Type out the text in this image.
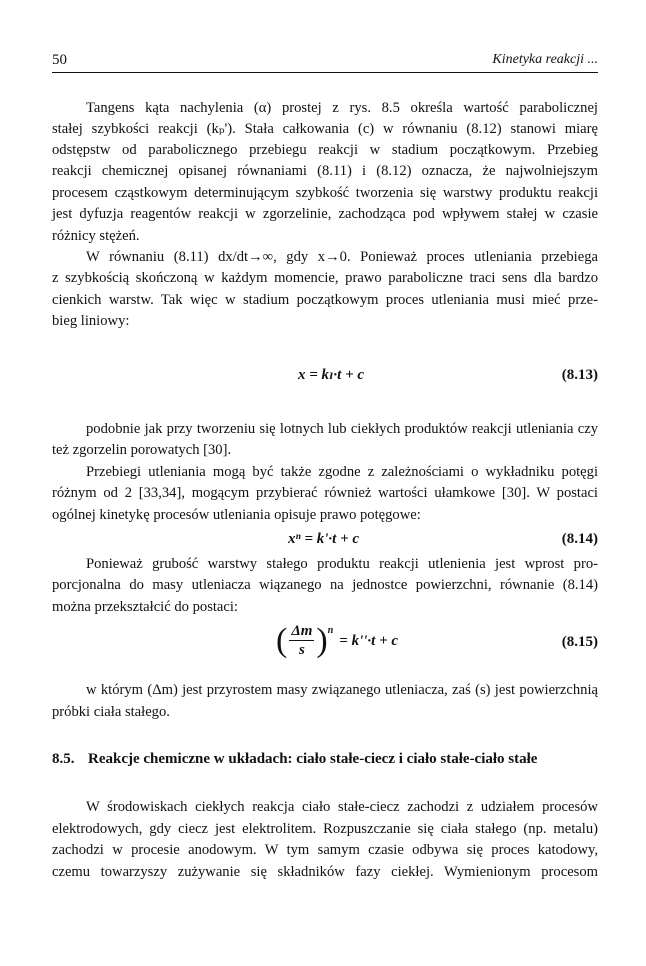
50	Kinetyka reakcji ...
Tangens kąta nachylenia (α) prostej z rys. 8.5 określa wartość parabolicznej
stałej szybkości reakcji (kₚ'). Stała całkowania (c) w równaniu (8.12) stanowi miarę
odstępstw od parabolicznego przebiegu reakcji w stadium początkowym. Przebieg
reakcji chemicznej opisanej równaniami (8.11) i (8.12) oznacza, że najwolniejszym
procesem cząstkowym determinującym szybkość tworzenia się warstwy produktu reakcji
jest dyfuzja reagentów reakcji w zgorzelinie, zachodząca pod wpływem stałej w czasie
różnicy stężeń.
W równaniu (8.11) dx/dt→∞, gdy x→0. Ponieważ proces utleniania przebiega
z szybkością skończoną w każdym momencie, prawo paraboliczne traci sens dla bardzo
cienkich warstw. Tak więc w stadium początkowym proces utleniania musi mieć prze-
bieg liniowy:
podobnie jak przy tworzeniu się lotnych lub ciekłych produktów reakcji utleniania czy
też zgorzelin porowatych [30].
Przebiegi utleniania mogą być także zgodne z zależnościami o wykładniku potęgi
różnym od 2 [33,34], mogącym przybierać również wartości ułamkowe [30]. W postaci
ogólnej kinetykę procesów utleniania opisuje prawo potęgowe:
Ponieważ grubość warstwy stałego produktu reakcji utlenienia jest wprost pro-
porcjonalna do masy utleniacza wiązanego na jednostce powierzchni, równanie (8.14)
można przekształcić do postaci:
w którym (Δm) jest przyrostem masy związanego utleniacza, zaś (s) jest powierzchnią
próbki ciała stałego.
W środowiskach ciekłych reakcja ciało stałe-ciecz zachodzi z udziałem procesów
elektrodowych, gdy ciecz jest elektrolitem. Rozpuszczanie się ciała stałego (np. metalu)
zachodzi w procesie anodowym. W tym samym czasie odbywa się proces katodowy,
czemu towarzyszy zużywanie się składników fazy ciekłej. Wymienionym procesom
x = kₗ·t + c	(8.13)
xⁿ = k'·t + c	(8.14)
( $\frac{\Delta m}{s} )^n$
= k''·t + c	(8.15)
8.5. Reakcje chemiczne w układach: ciało stałe-ciecz i ciało stałe-ciało stałe
